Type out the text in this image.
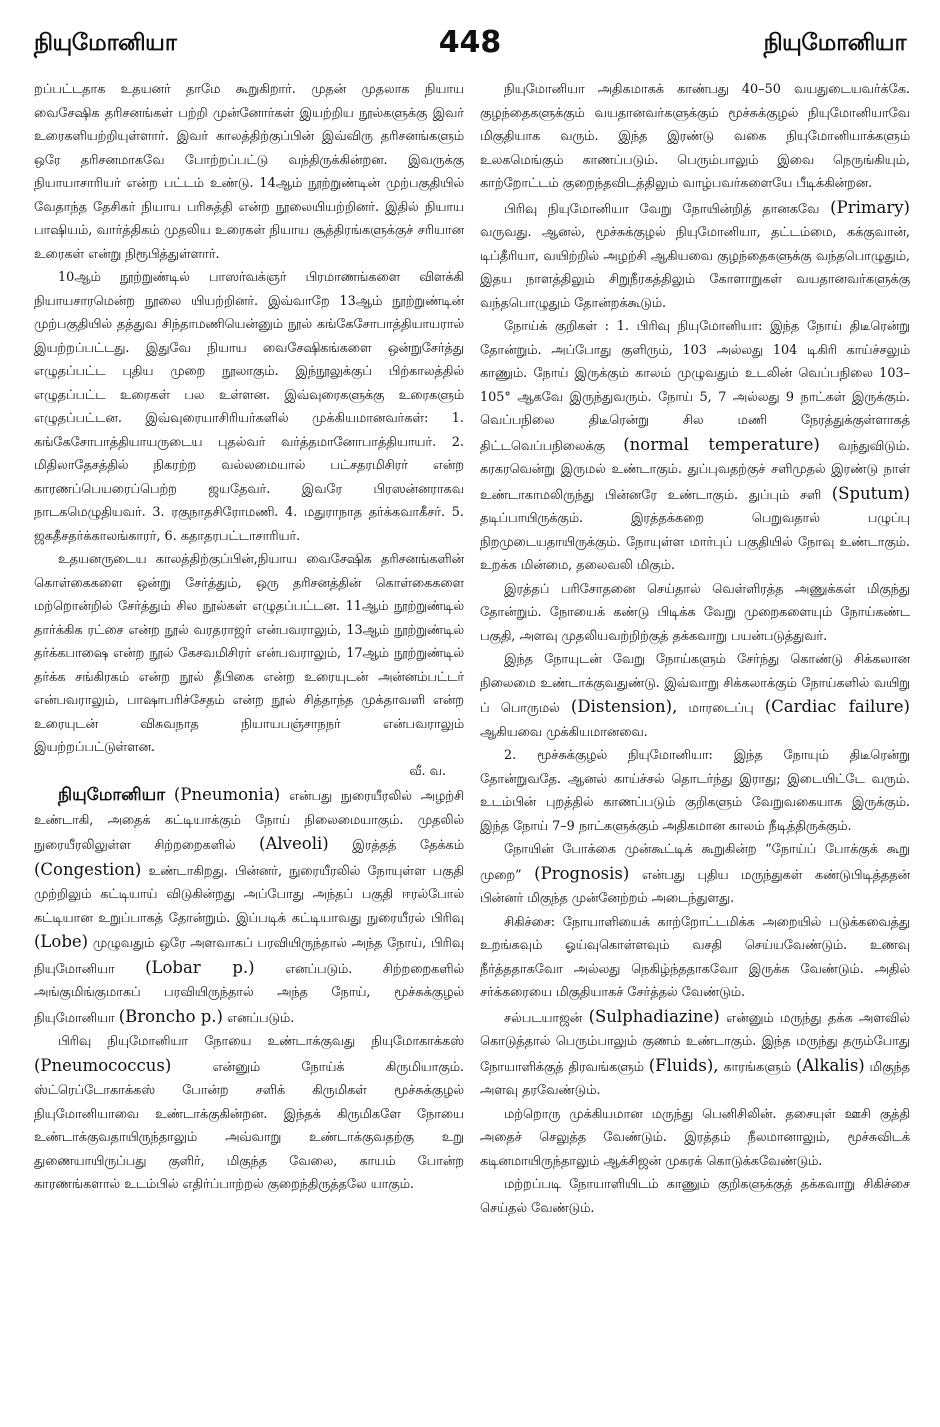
நியுமோனியா	448	நியுமோனியா

றப்பட்டதாக உதயனர் தாமே கூறுகிறார். முதன் முதலாக நியாய வைசேஷிக தரிசனங்கள் பற்றி முன்னோர்கள் இயற்றிய நூல்களுக்கு இவர் உரைகளியற்றியுள்ளார். இவர் காலத்திற்குப்பின் இவ்விரு தரிசனங்களும் ஒரே தரிசனமாகவே போற்றப்பட்டு வந்திருக்கின்றன. இவருக்கு நியாயாசாரியர் என்ற பட்டம் உண்டு. 14ஆம் நூற்றுண்டின் முற்பகுதியில் வேதாந்த தேசிகர் நியாய பரிசுத்தி என்ற நூலையியற்றினர். இதில் நியாய பாஷியம், வார்த்திகம் முதலிய உரைகள் நியாய சூத்திரங்களுக்குச் சரியான உரைகள் என்று நிரூபித்துள்ளார்.

10ஆம் நூற்றுண்டில் பாஸர்வக்ஞர் பிரமாணங்களை விளக்கி நியாயசாரமென்ற நூலை யியற்றினர். இவ்வாறே 13ஆம் நூற்றுண்டின் முற்பகுதியில் தத்துவ சிந்தாமணியென்னும் நூல் கங்கேசோபாத்தியாயரால் இயற்றப்பட்டது. இதுவே நியாய வைசேஷிகங்களை ஒன்றுசேர்த்து எழுதப்பட்ட புதிய முறை நூலாகும். இந்நூலுக்குப் பிற்காலத்தில் எழுதப்பட்ட உரைகள் பல உள்ளன. இவ்வுரைகளுக்கு உரைகளும் எழுதப்பட்டன. இவ்வுரையாசிரியர்களில் முக்கியமானவர்கள்: 1. கங்கேசோபாத்தியாயருடைய புதல்வர் வர்த்தமானோபாத்தியாயர். 2. மிதிலாதேசத்தில் நிகரற்ற வல்லமையால் பட்சதரமிசிரர் என்ற காரணப்பெயரைப்பெற்ற ஜயதேவர். இவரே பிரஸன்னராகவ நாடகமெழுதியவர். 3. ரகுநாதசிரோமணி. 4. மதுராநாத தர்க்கவாகீசர். 5. ஜகதீசதர்க்காலங்காரர், 6. கதாதரபட்டாசாரியர்.

உதயனருடைய காலத்திற்குப்பின்,நியாய வைசேஷிக தரிசனங்களின் கொள்கைகளை ஒன்று சேர்த்தும், ஒரு தரிசனத்தின் கொள்கைகளை மற்றொன்றில் சேர்த்தும் சில நூல்கள் எழுதப்பட்டன. 11ஆம் நூற்றுண்டில் தார்க்கிக ரட்சை என்ற நூல் வரதராஜர் என்பவராலும், 13ஆம் நூற்றுண்டில் தர்க்கபாஷை என்ற நூல் கேசவமிசிரர் என்பவராலும், 17ஆம் நூற்றுண்டில் தர்க்க சங்கிரகம் என்ற நூல் தீபிகை என்ற உரையுடன் அன்னம்பட்டர் என்பவராலும், பாஷாபரிச்சேதம் என்ற நூல் சித்தாந்த முக்தாவளி என்ற உரையுடன் விசுவநாத நியாயபஞ்சாநநர் என்பவராலும் இயற்றப்பட்டுள்ளன.
வீ. வ.

நியுமோனியா (Pneumonia) என்பது நுரையீரலில் அழற்சி உண்டாகி, அதைக் கட்டியாக்கும் நோய் நிலைமையாகும். முதலில் நுரையீரலிலுள்ள சிற்றறைகளில் (Alveoli) இரத்தத் தேக்கம் (Congestion) உண்டாகிறது. பின்னர், நுரையீரலில் நோயுள்ள பகுதி முற்றிலும் கட்டியாய் விடுகின்றது அப்போது அந்தப் பகுதி ஈரல்போல் கட்டியான உறுப்பாகத் தோன்றும். இப்படிக் கட்டியாவது நுரையீரல் பிரிவு (Lobe) முழுவதும் ஒரே அளவாகப் பரவியிருந்தால் அந்த நோய், பிரிவு நியுமோனியா (Lobar p.) எனப்படும். சிற்றறைகளில் அங்குமிங்குமாகப் பரவியிருந்தால் அந்த நோய், மூச்சுக்குழல் நியுமோனியா (Broncho p.) எனப்படும்.

பிரிவு நியுமோனியா நோயை உண்டாக்குவது நியுமோகாக்கஸ் (Pneumococcus) என்னும் நோய்க் கிருமியாகும். ஸ்ட்ரெப்டோகாக்கஸ் போன்ற சளிக் கிருமிகள் மூச்சுக்குழல் நியுமோனியாவை உண்டாக்குகின்றன. இந்தக் கிருமிகளே நோயை உண்டாக்குவதாயிருந்தாலும் அவ்வாறு உண்டாக்குவதற்கு உறு துணையாயிருப்பது குளிர், மிகுந்த வேலை, காயம் போன்ற காரணங்களால் உடம்பில் எதிர்ப்பாற்றல் குறைந்திருத்தலே யாகும்.

நியுமோனியா அதிகமாகக் காண்பது 40–50 வயதுடையவர்க்கே. குழந்தைகளுக்கும் வயதானவர்களுக்கும் மூச்சுக்குழல் நியுமோனியாவே மிகுதியாக வரும். இந்த இரண்டு வகை நியுமோனியாக்களும் உலகமெங்கும் காணப்படும். பெரும்பாலும் இவை நெருங்கியும், காற்றோட்டம் குறைந்தவிடத்திலும் வாழ்பவர்களையே பீடிக்கின்றன.

பிரிவு நியுமோனியா வேறு நோயின்றித் தானகவே (Primary) வருவது. ஆனல், மூச்சுக்குழல் நியுமோனியா, தட்டம்மை, கக்குவான், டிப்தீரியா, வயிற்றில் அழற்சி ஆகியவை குழந்தைகளுக்கு வந்தபொழுதும், இதய நாளத்திலும் சிறுநீரகத்திலும் கோளாறுகள் வயதானவர்களுக்கு வந்தபொழுதும் தோன்றக்கூடும்.

நோய்க் குறிகள் : 1. பிரிவு நியுமோனியா: இந்த நோய் திடீரென்று தோன்றும். அப்போது குளிரும், 103 அல்லது 104 டிகிரி காய்ச்சலும் காணும். நோய் இருக்கும் காலம் முழுவதும் உடலின் வெப்பநிலை 103–105° ஆகவே இருந்துவரும். நோய் 5, 7 அல்லது 9 நாட்கள் இருக்கும். வெப்பநிலை திடீரென்று சில மணி நேரத்துக்குள்ளாகத் திட்டவெப்பநிலைக்கு (normal temperature) வந்துவிடும். கரகரவென்று இருமல் உண்டாகும். துப்புவதற்குச் சளிமுதல் இரண்டு நாள் உண்டாகாமலிருந்து பின்னரே உண்டாகும். துப்பும் சளி (Sputum) தடிப்பாயிருக்கும். இரத்தக்கறை பெறுவதால் பழுப்பு நிறமுடையதாயிருக்கும். நோயுள்ள மார்புப் பகுதியில் நோவு உண்டாகும். உறக்க மின்மை, தலைவலி மிகும்.

இரத்தப் பரிசோதனை செய்தால் வெள்ளிரத்த அணுக்கள் மிகுந்து தோன்றும். நோயைக் கண்டு பிடிக்க வேறு முறைகளையும் நோய்கண்ட பகுதி, அளவு முதலியவற்றிற்குத் தக்கவாறு பயன்படுத்துவர்.

இந்த நோயுடன் வேறு நோய்களும் சேர்ந்து கொண்டு சிக்கலான நிலைமை உண்டாக்குவதுண்டு. இவ்வாறு சிக்கலாக்கும் நோய்களில் வயிறு ப் பொருமல் (Distension), மாரடைப்பு (Cardiac failure) ஆகியவை முக்கியமானவை.

2. மூச்சுக்குழல் நியுமோனியா: இந்த நோயும் திடீரென்று தோன்றுவதே. ஆனல் காய்ச்சல் தொடர்ந்து இராது; இடையிட்டே வரும். உடம்பின் புறத்தில் காணப்படும் குறிகளும் வேறுவகையாக இருக்கும். இந்த நோய் 7–9 நாட்களுக்கும் அதிகமான காலம் நீடித்திருக்கும்.

நோயின் போக்கை முன்கூட்டிக் கூறுகின்ற “நோய்ப் போக்குக் கூறு முறை” (Prognosis) என்பது புதிய மருந்துகள் கண்டுபிடித்ததன் பின்னர் மிகுந்த முன்னேற்றம் அடைந்துளது.

சிகிச்சை: நோயாளியைக் காற்றோட்டமிக்க அறையில் படுக்கவைத்து உறங்கவும் ஓய்வுகொள்ளவும் வசதி செய்யவேண்டும். உணவு நீர்த்ததாகவோ அல்லது நெகிழ்ந்ததாகவோ இருக்க வேண்டும். அதில் சர்க்கரையை மிகுதியாகச் சேர்த்தல் வேண்டும்.

சல்படயாஜன் (Sulphadiazine) என்னும் மருந்து தக்க அளவில் கொடுத்தால் பெரும்பாலும் குணம் உண்டாகும். இந்த மருந்து தரும்போது நோயாளிக்குத் திரவங்களும் (Fluids), காரங்களும் (Alkalis) மிகுந்த அளவு தரவேண்டும்.

மற்றொரு முக்கியமான மருந்து பெனிசிலின். தசையுள் ஊசி குத்தி அதைச் செலுத்த வேண்டும். இரத்தம் நீலமானாலும், மூச்சுவிடக் கடினமாயிருந்தாலும் ஆக்சிஜன் முகரக் கொடுக்கவேண்டும்.

மற்றப்படி நோயாளியிடம் காணும் குறிகளுக்குத் தக்கவாறு சிகிச்சை செய்தல் வேண்டும்.
